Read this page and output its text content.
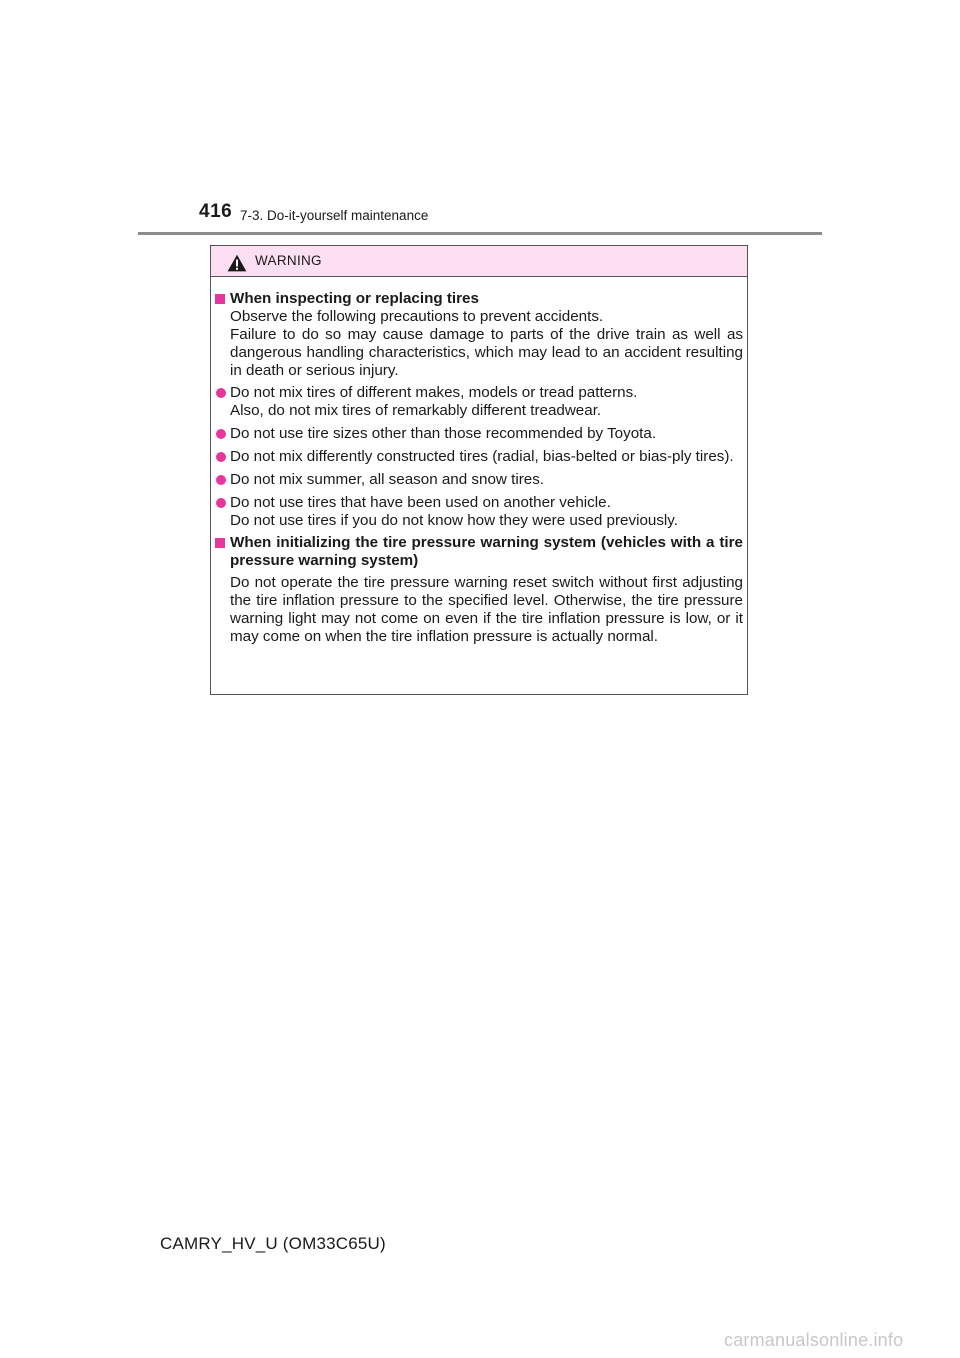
416 7-3. Do-it-yourself maintenance
WARNING
When inspecting or replacing tires
Observe the following precautions to prevent accidents.
Failure to do so may cause damage to parts of the drive train as well as dangerous handling characteristics, which may lead to an accident resulting in death or serious injury.
Do not mix tires of different makes, models or tread patterns.
Also, do not mix tires of remarkably different treadwear.
Do not use tire sizes other than those recommended by Toyota.
Do not mix differently constructed tires (radial, bias-belted or bias-ply tires).
Do not mix summer, all season and snow tires.
Do not use tires that have been used on another vehicle.
Do not use tires if you do not know how they were used previously.
When initializing the tire pressure warning system (vehicles with a tire pressure warning system)
Do not operate the tire pressure warning reset switch without first adjusting the tire inflation pressure to the specified level. Otherwise, the tire pressure warning light may not come on even if the tire inflation pressure is low, or it may come on when the tire inflation pressure is actually normal.
CAMRY_HV_U (OM33C65U)
carmanualsonline.info
